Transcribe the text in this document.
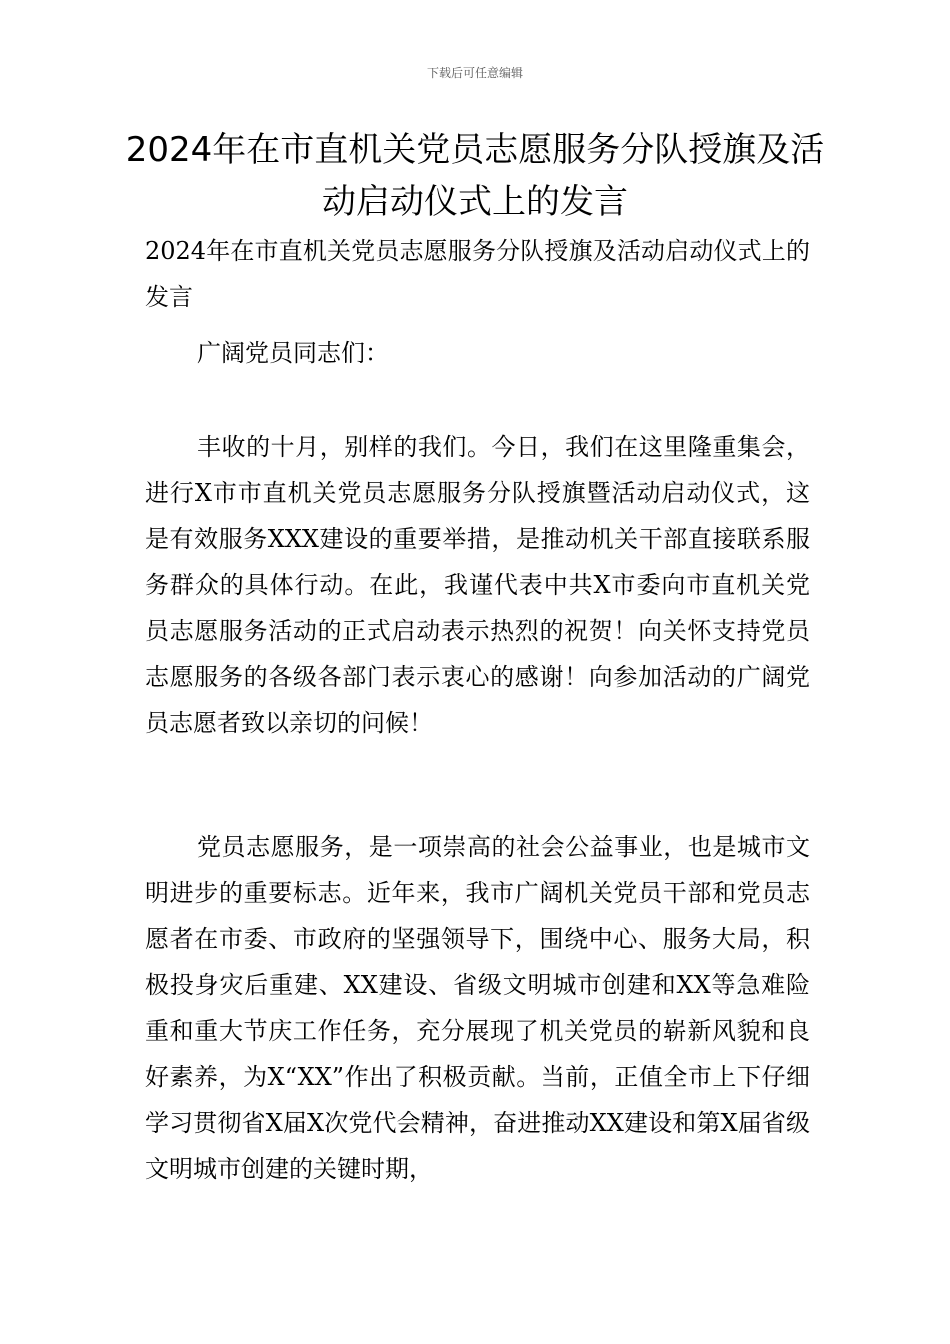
下载后可任意编辑
2024年在市直机关党员志愿服务分队授旗及活动启动仪式上的发言

2024年在市直机关党员志愿服务分队授旗及活动启动仪式上的发言

广阔党员同志们：

丰收的十月，别样的我们。今日，我们在这里隆重集会，进行X市市直机关党员志愿服务分队授旗暨活动启动仪式，这是有效服务XXX建设的重要举措，是推动机关干部直接联系服务群众的具体行动。在此，我谨代表中共X市委向市直机关党员志愿服务活动的正式启动表示热烈的祝贺！向关怀支持党员志愿服务的各级各部门表示衷心的感谢！向参加活动的广阔党员志愿者致以亲切的问候！

党员志愿服务，是一项崇高的社会公益事业，也是城市文明进步的重要标志。近年来，我市广阔机关党员干部和党员志愿者在市委、市政府的坚强领导下，围绕中心、服务大局，积极投身灾后重建、XX建设、省级文明城市创建和XX等急难险重和重大节庆工作任务，充分展现了机关党员的崭新风貌和良好素养，为X“XX”作出了积极贡献。当前，正值全市上下仔细学习贯彻省X届X次党代会精神，奋进推动XX建设和第X届省级文明城市创建的关键时期，
